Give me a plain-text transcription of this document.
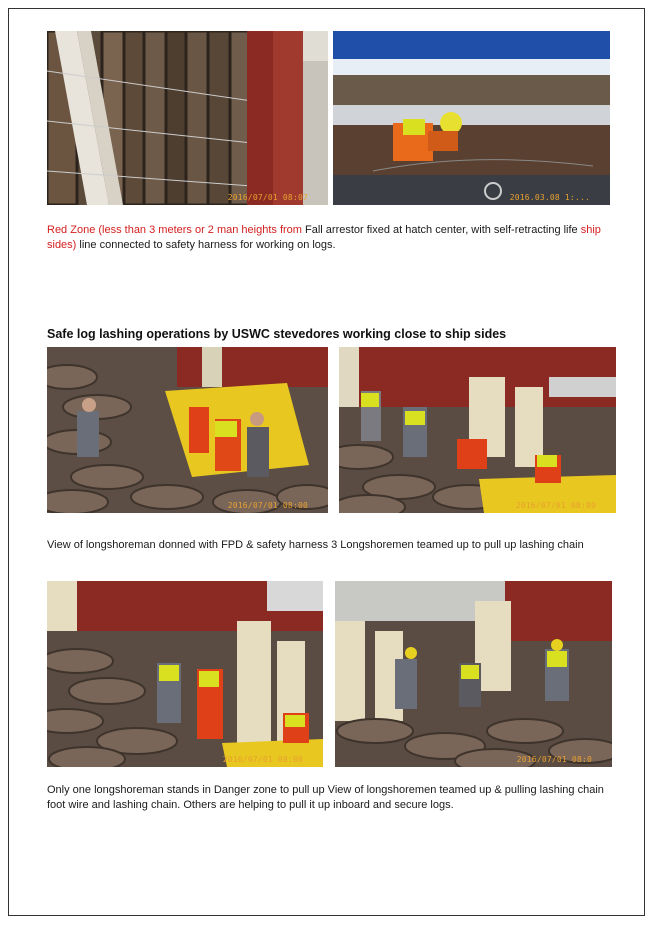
2016/07/01 08:07	2016.03.08 1:...
Red Zone (less than 3 meters or 2 man heights from Fall arrestor fixed at hatch center, with self-retracting life ship sides) line connected to safety harness for working on logs.
Safe log lashing operations by USWC stevedores working close to ship sides
2016/07/01 08:00	2016/07/01 08:00
View of longshoreman donned with FPD & safety harness 3 Longshoremen teamed up to pull up lashing chain
2016/07/01 08:00	2016/07/01 08:0
Only one longshoreman stands in Danger zone to pull up View of longshoremen teamed up & pulling lashing chain foot wire and lashing chain. Others are helping to pull it up inboard and secure logs.
